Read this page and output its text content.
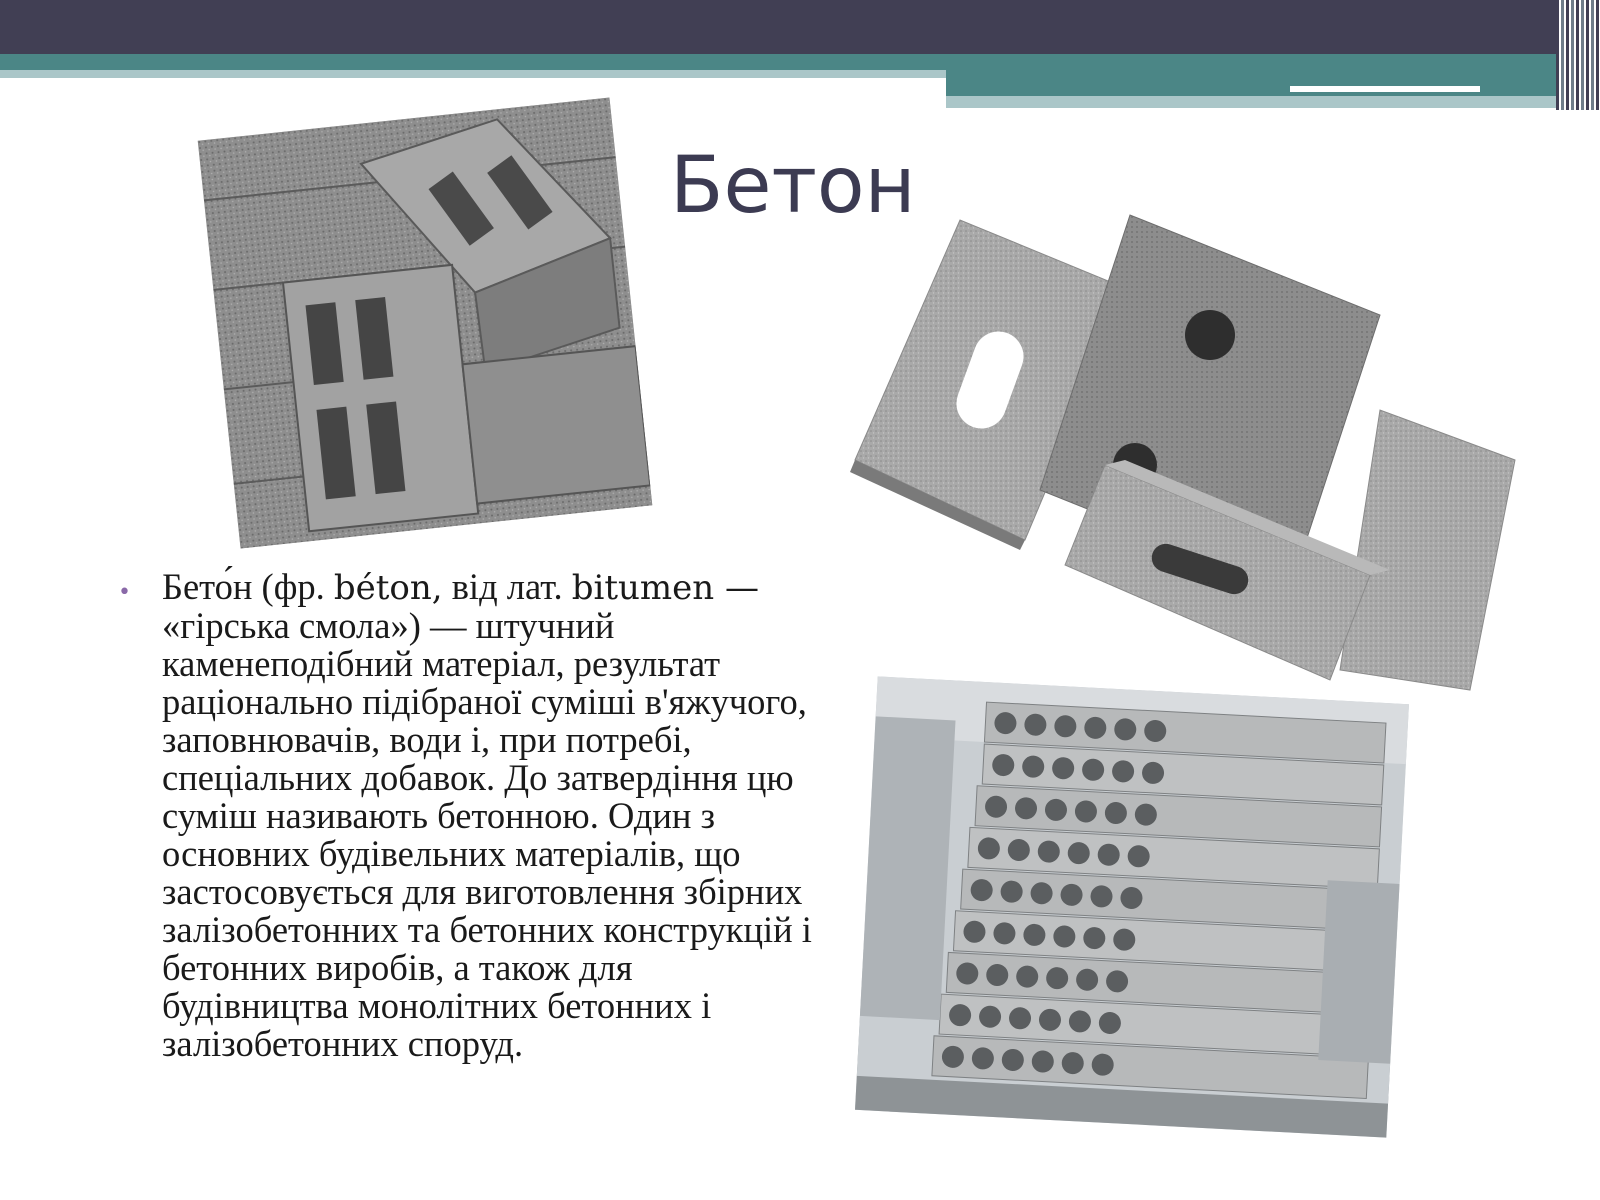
Бетон
• Бето́н (фр. béton, від лат. bitumen — «гірська смола») — штучний каменеподібний матеріал, результат раціонально підібраної суміші в'яжучого, заповнювачів, води і, при потребі, спеціальних добавок. До затвердіння цю суміш називають бетонною. Один з основних будівельних матеріалів, що застосовується для виготовлення збірних залізобетонних та бетонних конструкцій і бетонних виробів, а також для будівництва монолітних бетонних і залізобетонних споруд.
